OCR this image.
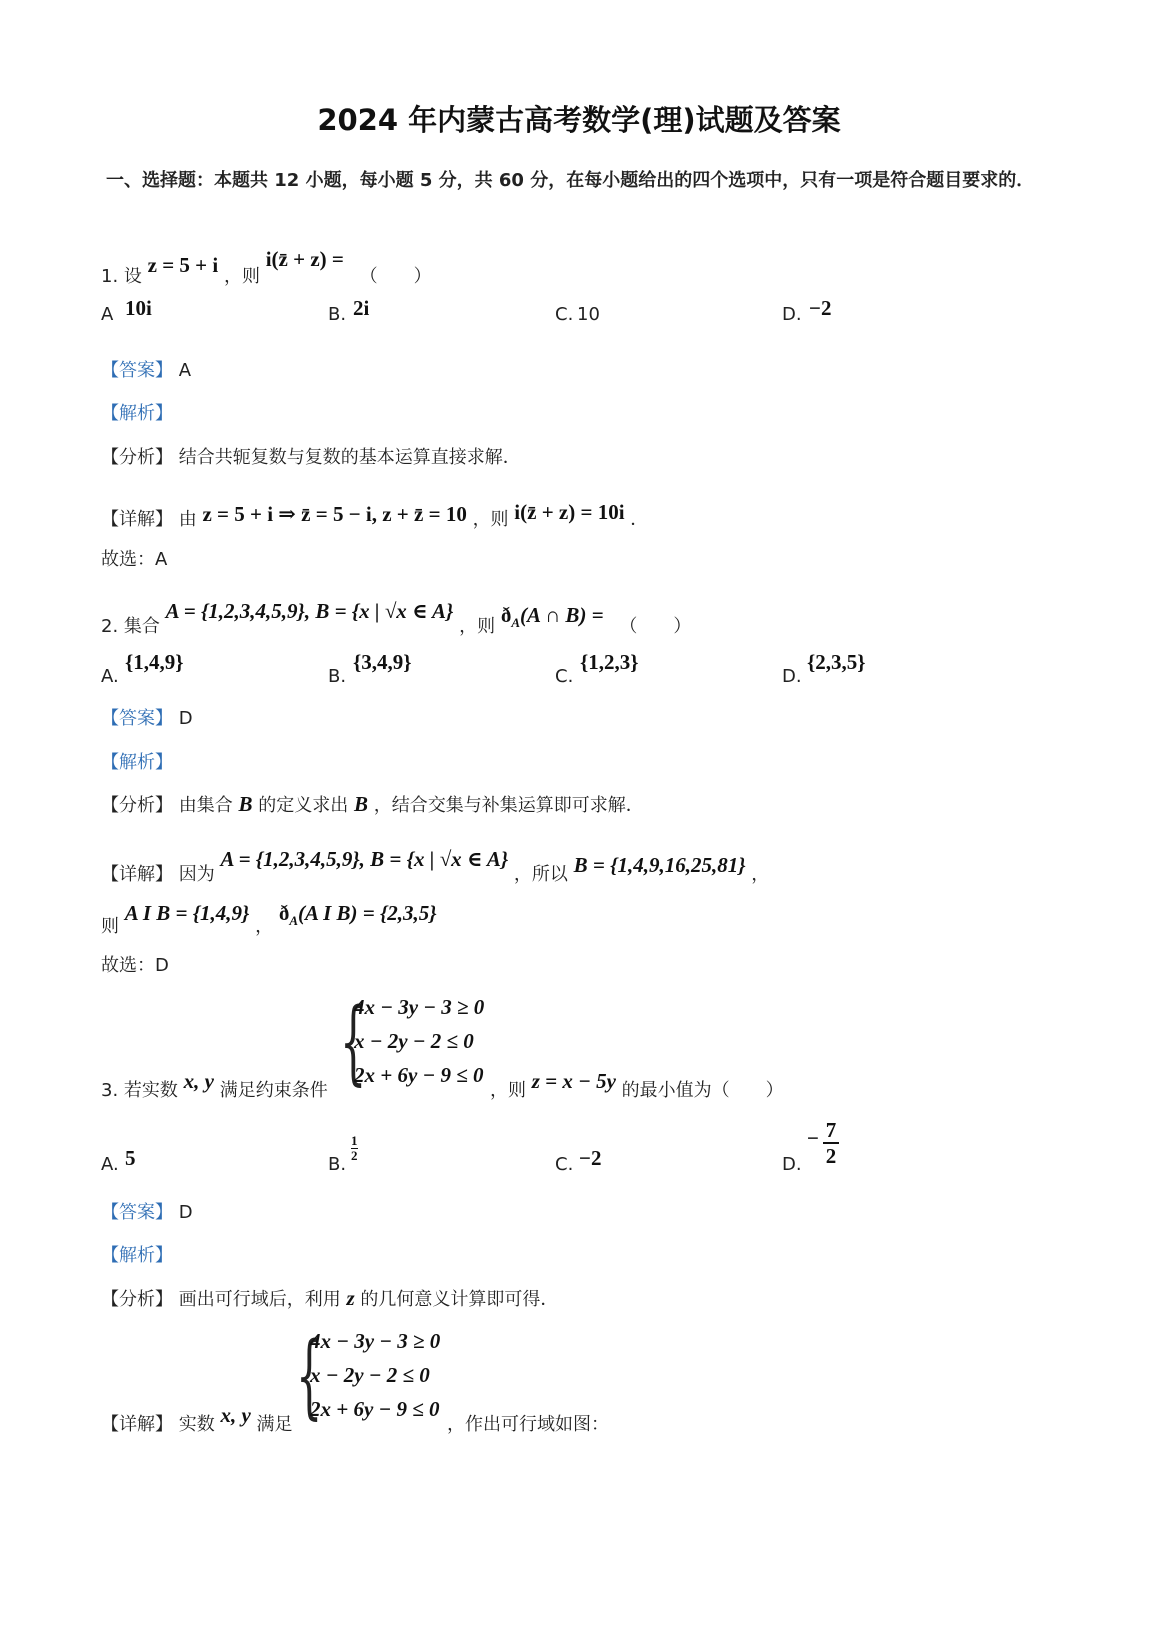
2024 年内蒙古高考数学(理)试题及答案
一、选择题：本题共 12 小题，每小题 5 分，共 60 分，在每小题给出的四个选项中，只有一项是符合题目要求的．
1. 设 z = 5 + i ，则 i(z̄ + z) = （　　）
A 10i	B. 2i	C. 10	D. −2
【答案】 A
【解析】
【分析】 结合共轭复数与复数的基本运算直接求解．
【详解】 由 z = 5 + i ⇒ z̄ = 5 − i, z + z̄ = 10 ，则 i(z̄ + z) = 10i ．
故选：A
2. 集合 A = {1,2,3,4,5,9}, B = {x | √x ∈ A} ，则 $ð_A(A$ ∩ B) = （　　）
A.
{1,4,9}
B.
{3,4,9}
C.
{1,2,3}
D.
{2,3,5}
【答案】 D
【解析】
【分析】 由集合 B 的定义求出 B ，结合交集与补集运算即可求解．
【详解】 因为 A = {1,2,3,4,5,9}, B = {x | √x ∈ A} ，所以 B = {1,4,9,16,25,81} ，
则 A I B = {1,4,9} ， $ð_A(A$ I B) = {2,3,5}
故选：D
3. 若实数 x, y 满足约束条件 {
4x − 3y − 3 ≥ 0
x − 2y − 2 ≤ 0
2x + 6y − 9 ≤ 0
，则 z = x − 5y 的最小值为（　　）
A. 5	B.
$\frac{1}{2}$
C. −2	D.
− $\frac{7}{2}$
【答案】 D
【解析】
【分析】 画出可行域后，利用 z 的几何意义计算即可得．
【详解】 实数 x, y 满足 {
4x − 3y − 3 ≥ 0
x − 2y − 2 ≤ 0
2x + 6y − 9 ≤ 0
，作出可行域如图：
